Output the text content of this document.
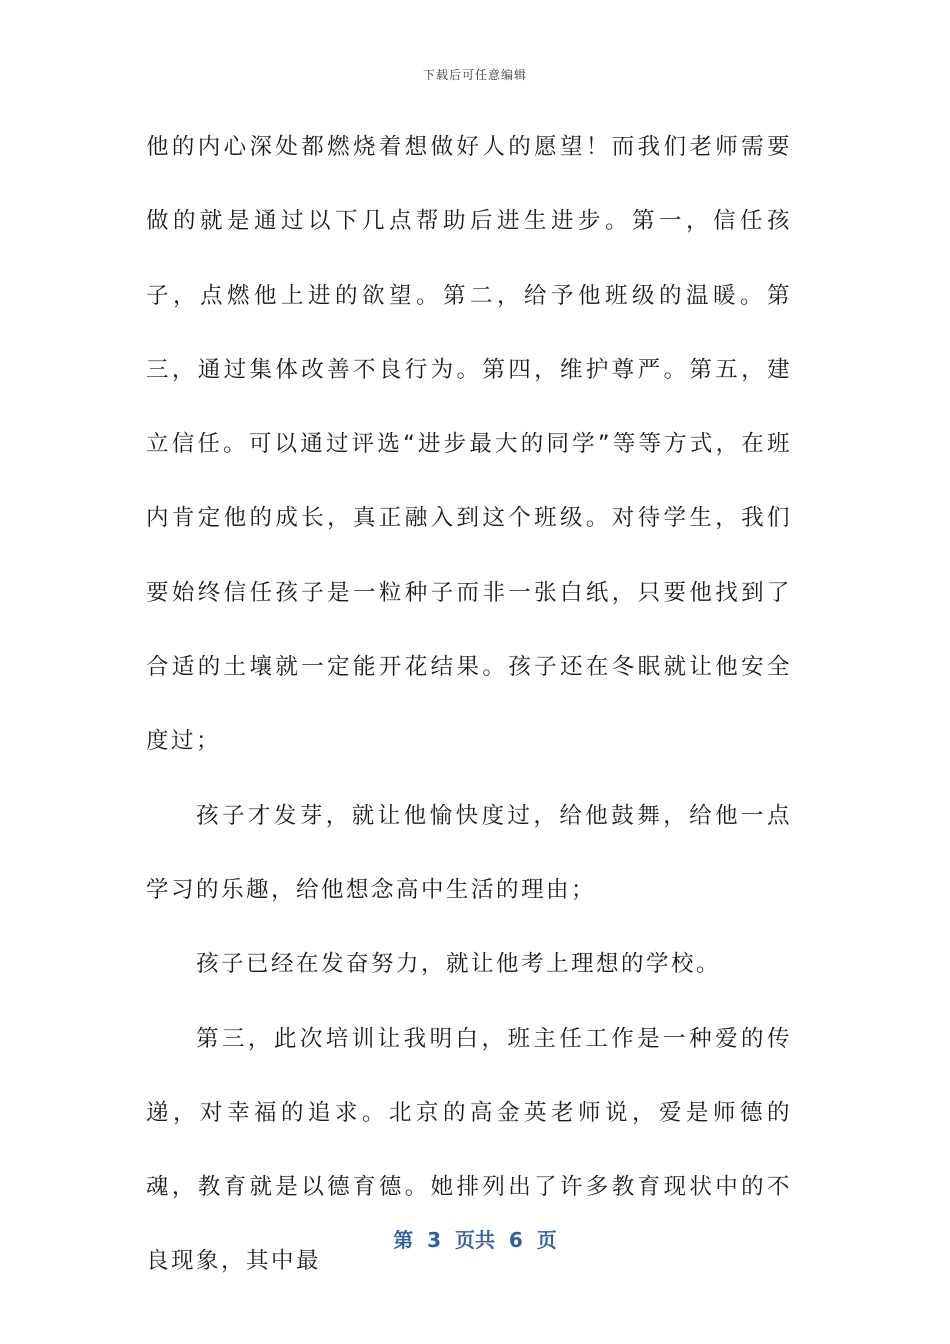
下载后可任意编辑

他的内心深处都燃烧着想做好人的愿望！而我们老师需要做的就是通过以下几点帮助后进生进步。第一，信任孩子，点燃他上进的欲望。第二，给予他班级的温暖。第三，通过集体改善不良行为。第四，维护尊严。第五，建立信任。可以通过评选“进步最大的同学”等等方式，在班内肯定他的成长，真正融入到这个班级。对待学生，我们要始终信任孩子是一粒种子而非一张白纸，只要他找到了合适的土壤就一定能开花结果。孩子还在冬眠就让他安全度过；

孩子才发芽，就让他愉快度过，给他鼓舞，给他一点学习的乐趣，给他想念高中生活的理由；

孩子已经在发奋努力，就让他考上理想的学校。

第三，此次培训让我明白，班主任工作是一种爱的传递，对幸福的追求。北京的高金英老师说，爱是师德的魂，教育就是以德育德。她排列出了许多教育现状中的不良现象，其中最

第  3  页共  6  页
